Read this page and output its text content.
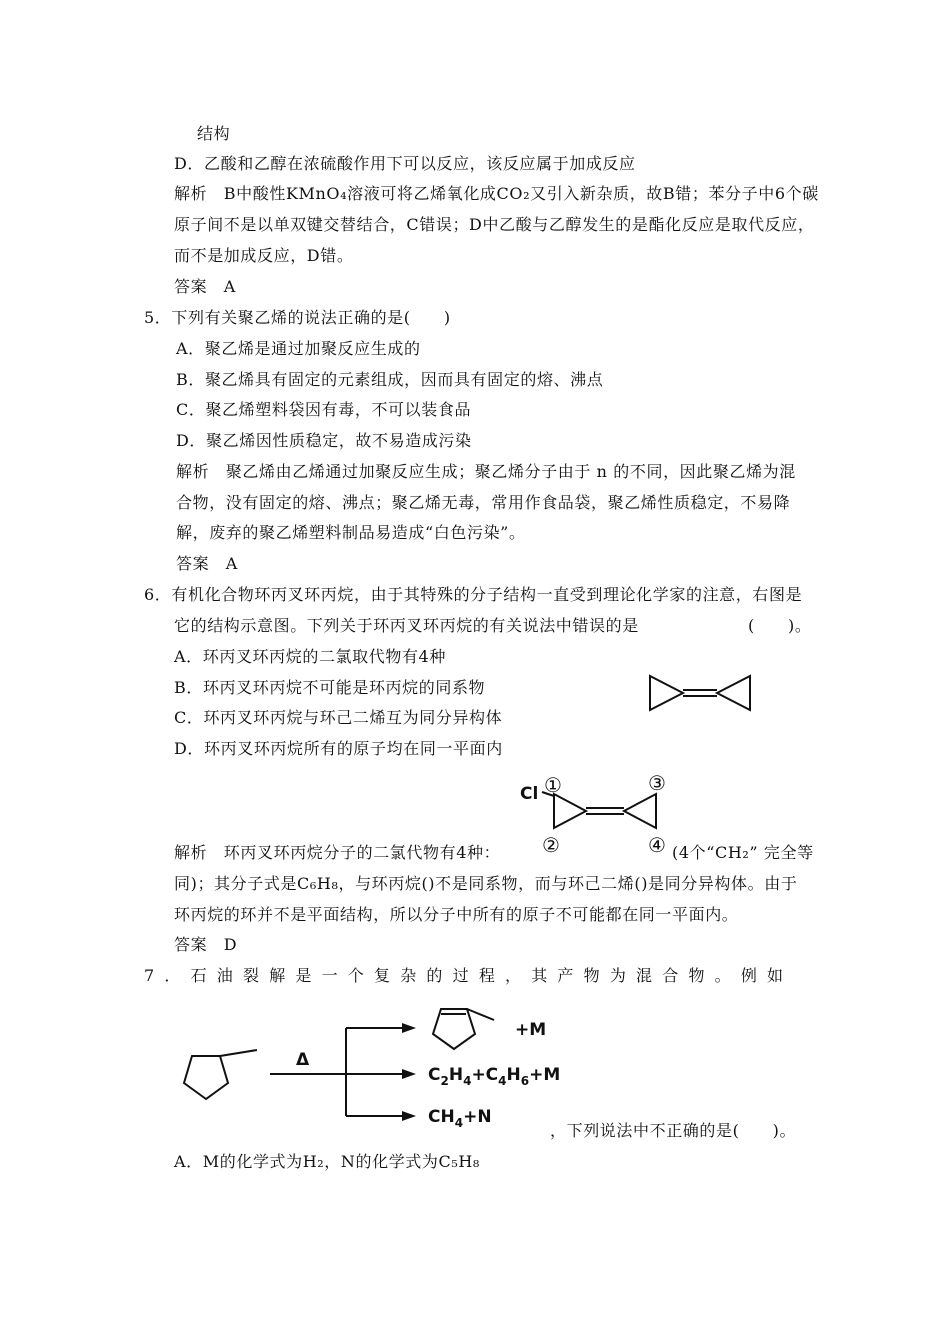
结构
D．乙酸和乙醇在浓硫酸作用下可以反应，该反应属于加成反应
解析　B中酸性KMnO₄溶液可将乙烯氧化成CO₂又引入新杂质，故B错；苯分子中6个碳
原子间不是以单双键交替结合，C错误；D中乙酸与乙醇发生的是酯化反应是取代反应，
而不是加成反应，D错。
答案　A
5．下列有关聚乙烯的说法正确的是(　　)
A．聚乙烯是通过加聚反应生成的
B．聚乙烯具有固定的元素组成，因而具有固定的熔、沸点
C．聚乙烯塑料袋因有毒，不可以装食品
D．聚乙烯因性质稳定，故不易造成污染
解析　聚乙烯由乙烯通过加聚反应生成；聚乙烯分子由于 n 的不同，因此聚乙烯为混
合物，没有固定的熔、沸点；聚乙烯无毒，常用作食品袋，聚乙烯性质稳定，不易降
解，废弃的聚乙烯塑料制品易造成“白色污染”。
答案　A
6．有机化合物环丙叉环丙烷，由于其特殊的分子结构一直受到理论化学家的注意，右图是
它的结构示意图。下列关于环丙叉环丙烷的有关说法中错误的是	(　　)。
A．环丙叉环丙烷的二氯取代物有4种
B．环丙叉环丙烷不可能是环丙烷的同系物
C．环丙叉环丙烷与环己二烯互为同分异构体
D．环丙叉环丙烷所有的原子均在同一平面内
Cl ①
②
③
④
解析　环丙叉环丙烷分子的二氯代物有4种：	(4个“CH₂” 完全等
同)；其分子式是C₆H₈，与环丙烷()不是同系物，而与环己二烯()是同分异构体。由于
环丙烷的环并不是平面结构，所以分子中所有的原子不可能都在同一平面内。
答案　D
7 ． 石 油 裂 解 是 一 个 复 杂 的 过 程 ， 其 产 物 为 混 合 物 。 例 如
Δ
+M
$C_2H_4+C_4H_6+M$
$CH_4+N$
，下列说法中不正确的是(　　)。
A．M的化学式为H₂，N的化学式为C₅H₈
